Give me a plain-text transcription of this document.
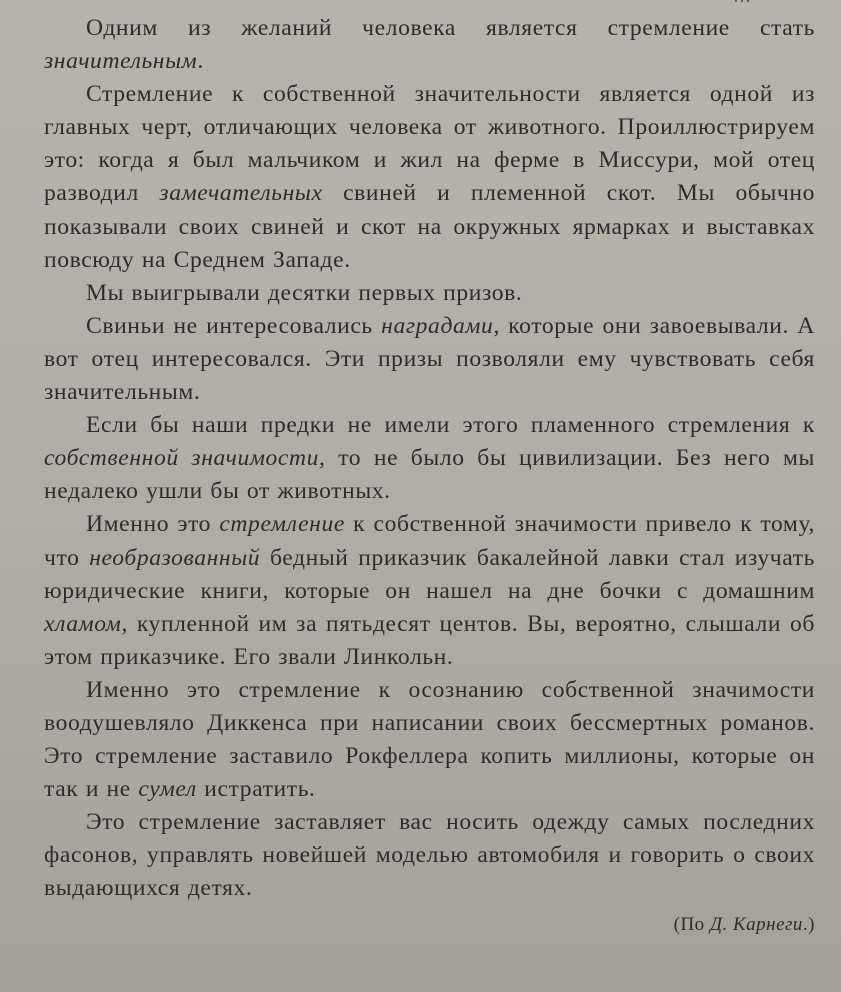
Одним из желаний человека является стремление стать значительным.

Стремление к собственной значительности является одной из главных черт, отличающих человека от животного. Проиллюстрируем это: когда я был мальчиком и жил на ферме в Миссури, мой отец разводил замечательных свиней и племенной скот. Мы обычно показывали своих свиней и скот на окружных ярмарках и выставках повсюду на Среднем Западе.

Мы выигрывали десятки первых призов.

Свиньи не интересовались наградами, которые они завоевывали. А вот отец интересовался. Эти призы позволяли ему чувствовать себя значительным.

Если бы наши предки не имели этого пламенного стремления к собственной значимости, то не было бы цивилизации. Без него мы недалеко ушли бы от животных.

Именно это стремление к собственной значимости привело к тому, что необразованный бедный приказчик бакалейной лавки стал изучать юридические книги, которые он нашел на дне бочки с домашним хламом, купленной им за пятьдесят центов. Вы, вероятно, слышали об этом приказчике. Его звали Линкольн.

Именно это стремление к осознанию собственной значимости воодушевляло Диккенса при написании своих бессмертных романов. Это стремление заставило Рокфеллера копить миллионы, которые он так и не сумел истратить.

Это стремление заставляет вас носить одежду самых последних фасонов, управлять новейшей моделью автомобиля и говорить о своих выдающихся детях.

(По Д. Карнеги.)
